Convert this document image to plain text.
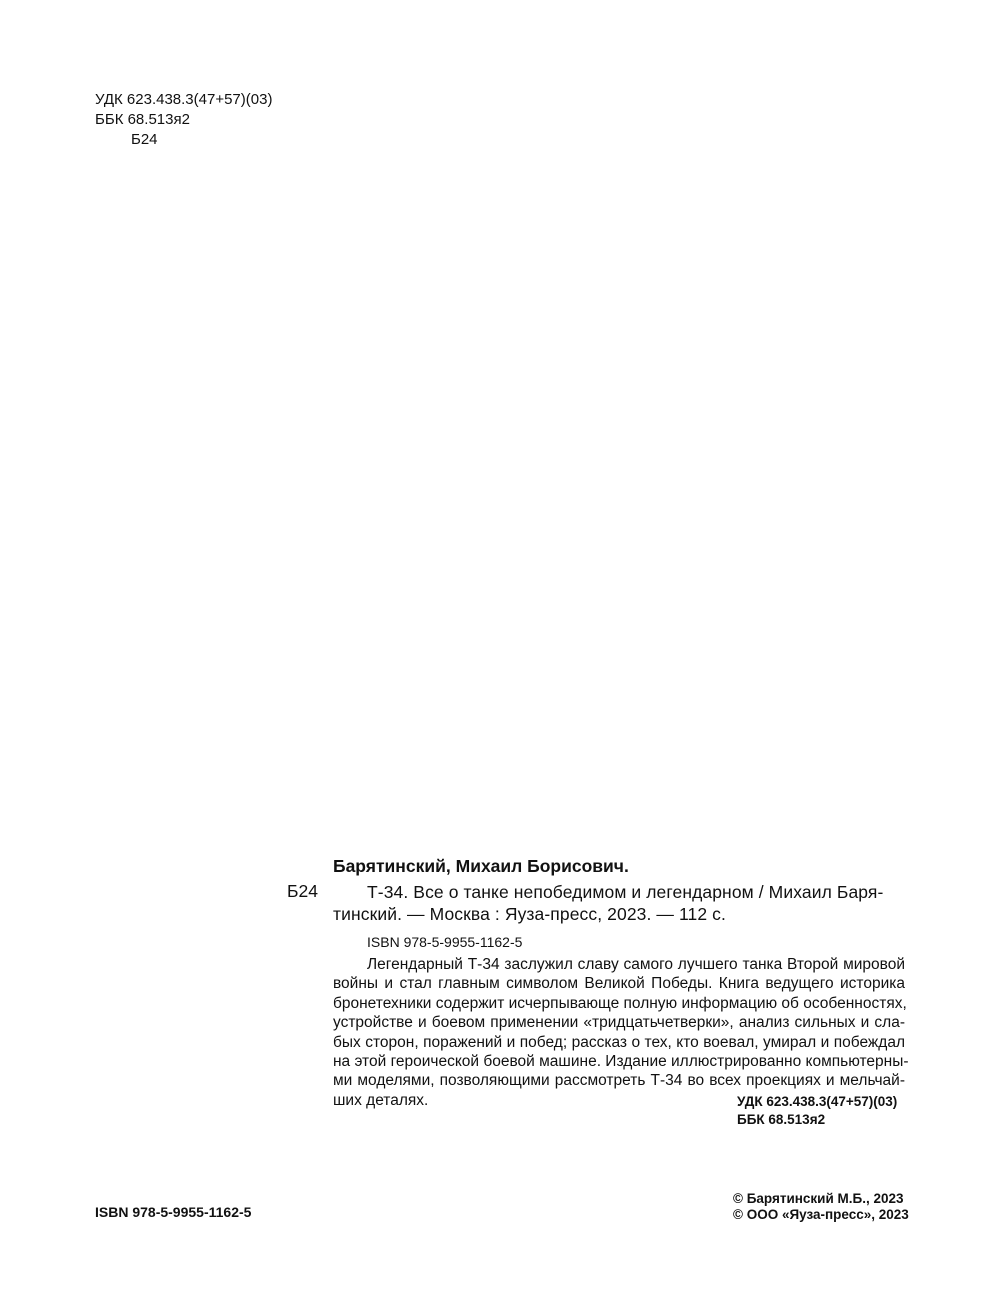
УДК 623.438.3(47+57)(03)
ББК 68.513я2
Б24
Барятинский, Михаил Борисович.
Б24	Т-34. Все о танке непобедимом и легендарном / Михаил Баря-
тинский. — Москва : Яуза-пресс, 2023. — 112 с.
ISBN 978-5-9955-1162-5
Легендарный Т-34 заслужил славу самого лучшего танка Второй мировой
войны и стал главным символом Великой Победы. Книга ведущего историка
бронетехники содержит исчерпывающе полную информацию об особенностях,
устройстве и боевом применении «тридцатьчетверки», анализ сильных и сла-
бых сторон, поражений и побед; рассказ о тех, кто воевал, умирал и побеждал
на этой героической боевой машине. Издание иллюстрированно компьютерны-
ми моделями, позволяющими рассмотреть Т-34 во всех проекциях и мельчай-
ших деталях.	УДК 623.438.3(47+57)(03)
ББК 68.513я2
ISBN 978-5-9955-1162-5
© Барятинский М.Б., 2023
© ООО «Яуза-пресс», 2023
